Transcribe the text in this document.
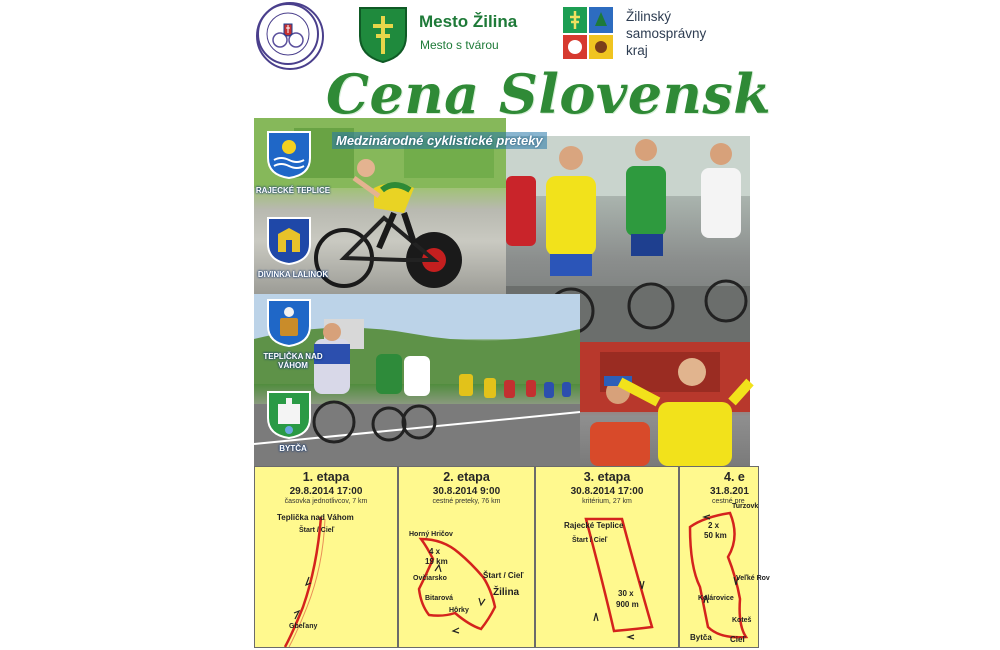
Mesto Žilina
Mesto s tvárou
Žilinský
samosprávny
kraj
Cena Slovensk
Medzinárodné cyklistické preteky
RAJECKÉ TEPLICE
DIVINKA LALINOK
TEPLIČKA NAD VÁHOM
BYTČA
1. etapa
29.8.2014 17:00
časovka jednotlivcov, 7 km
Teplička nad Váhom
Štart / Cieľ
Gbeľany
2. etapa
30.8.2014 9:00
cestné preteky, 76 km
Horný Hričov
4 x
19 km
Ovčiarsko
Bitarová
Hôrky
Štart / Cieľ
Žilina
3. etapa
30.8.2014 17:00
kritérium, 27 km
Rajecké Teplice
Štart / Cieľ
30 x
900 m
4. e
31.8.201
cestné pre
Turzovk
2 x
50 km
Veľké Rov
Kolárovice
Koteš
Bytča Cieľ
